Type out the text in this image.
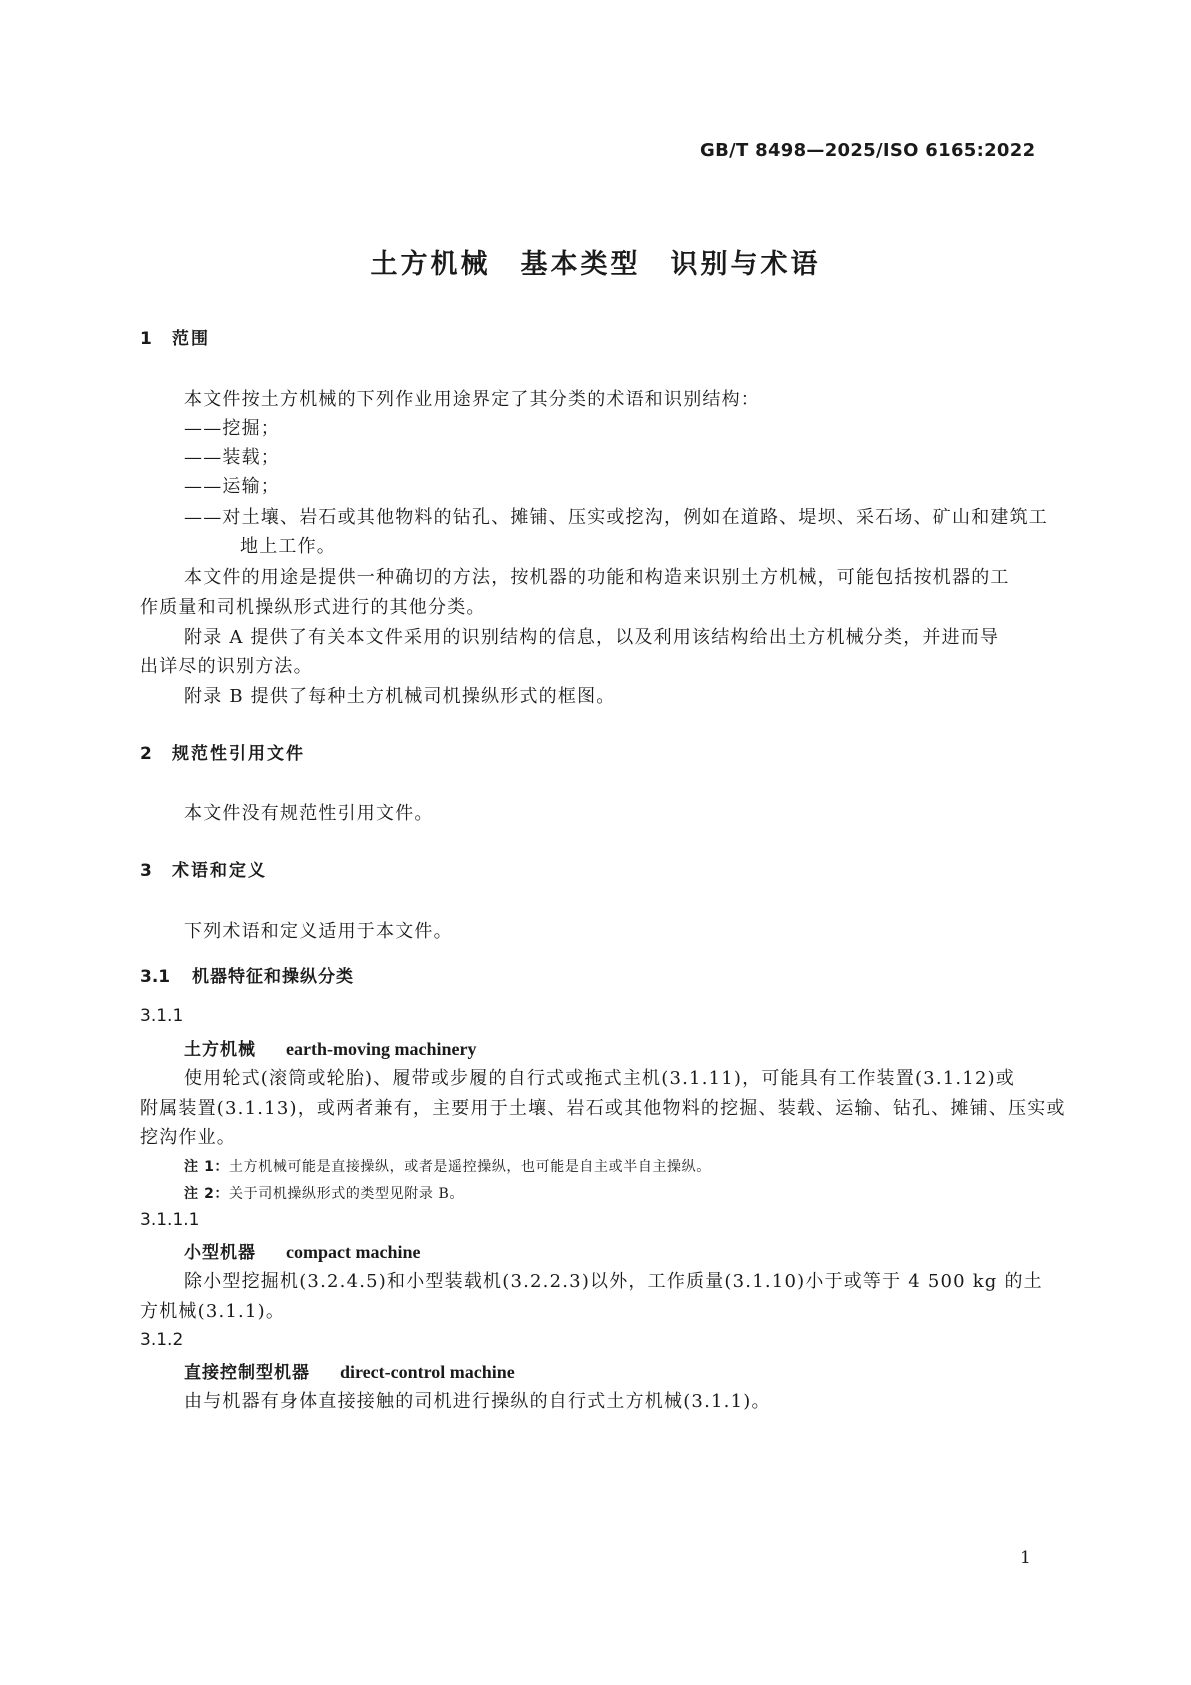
GB/T 8498—2025/ISO 6165:2022
土方机械　基本类型　识别与术语
1 范围
本文件按土方机械的下列作业用途界定了其分类的术语和识别结构：
——挖掘；
——装载；
——运输；
——对土壤、岩石或其他物料的钻孔、摊铺、压实或挖沟，例如在道路、堤坝、采石场、矿山和建筑工
地上工作。
本文件的用途是提供一种确切的方法，按机器的功能和构造来识别土方机械，可能包括按机器的工
作质量和司机操纵形式进行的其他分类。
附录 A 提供了有关本文件采用的识别结构的信息，以及利用该结构给出土方机械分类，并进而导
出详尽的识别方法。
附录 B 提供了每种土方机械司机操纵形式的框图。
2 规范性引用文件
本文件没有规范性引用文件。
3 术语和定义
下列术语和定义适用于本文件。
3.1 机器特征和操纵分类
3.1.1
土方机械 earth-moving machinery
使用轮式(滚筒或轮胎)、履带或步履的自行式或拖式主机(3.1.11)，可能具有工作装置(3.1.12)或
附属装置(3.1.13)，或两者兼有，主要用于土壤、岩石或其他物料的挖掘、装载、运输、钻孔、摊铺、压实或
挖沟作业。
注 1：土方机械可能是直接操纵，或者是遥控操纵，也可能是自主或半自主操纵。
注 2：关于司机操纵形式的类型见附录 B。
3.1.1.1
小型机器 compact machine
除小型挖掘机(3.2.4.5)和小型装载机(3.2.2.3)以外，工作质量(3.1.10)小于或等于 4 500 kg 的土
方机械(3.1.1)。
3.1.2
直接控制型机器 direct-control machine
由与机器有身体直接接触的司机进行操纵的自行式土方机械(3.1.1)。
1
